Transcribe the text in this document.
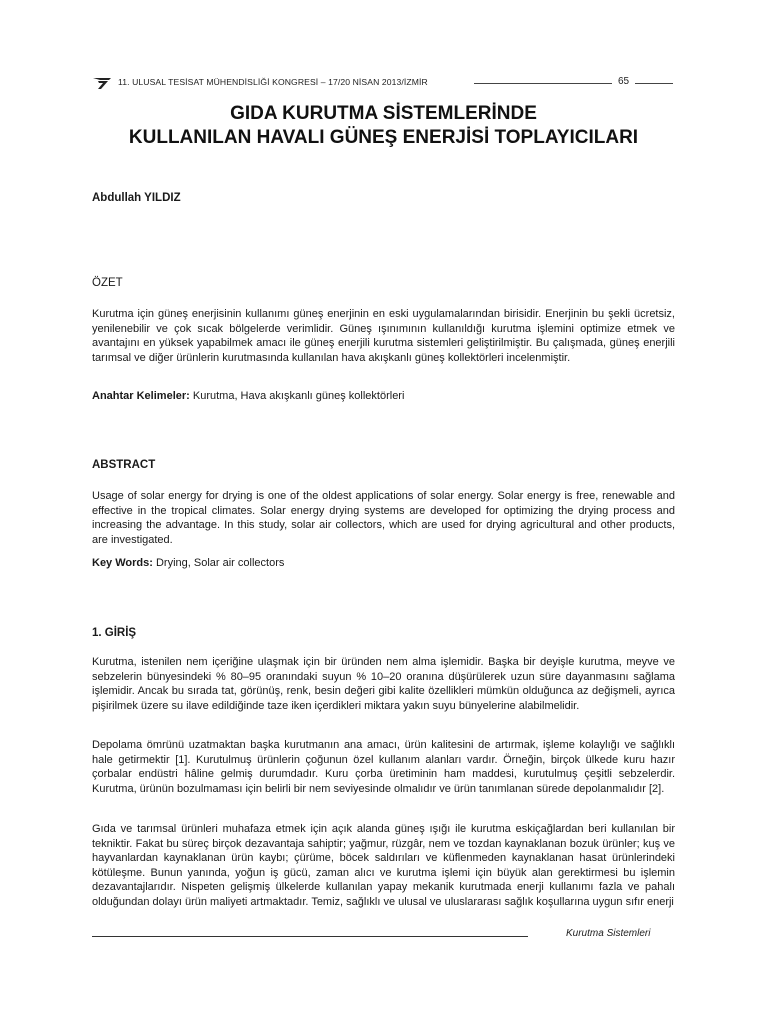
11. ULUSAL TESİSAT MÜHENDİSLİĞİ KONGRESİ – 17/20 NİSAN 2013/İZMİR	65
GIDA KURUTMA SİSTEMLERİNDE
KULLANILAN HAVALI GÜNEŞ ENERJİSİ TOPLAYICILARI
Abdullah YILDIZ
ÖZET
Kurutma için güneş enerjisinin kullanımı güneş enerjinin en eski uygulamalarından birisidir. Enerjinin bu şekli ücretsiz, yenilenebilir ve çok sıcak bölgelerde verimlidir. Güneş ışınımının kullanıldığı kurutma işlemini optimize etmek ve avantajını en yüksek yapabilmek amacı ile güneş enerjili kurutma sistemleri geliştirilmiştir. Bu çalışmada, güneş enerjili tarımsal ve diğer ürünlerin kurutmasında kullanılan hava akışkanlı güneş kollektörleri incelenmiştir.
Anahtar Kelimeler: Kurutma, Hava akışkanlı güneş kollektörleri
ABSTRACT
Usage of solar energy for drying is one of the oldest applications of solar energy. Solar energy is free, renewable and effective in the tropical climates. Solar energy drying systems are developed for optimizing the drying process and increasing the advantage. In this study, solar air collectors, which are used for drying agricultural and other products, are investigated.
Key Words: Drying, Solar air collectors
1. GİRİŞ
Kurutma, istenilen nem içeriğine ulaşmak için bir üründen nem alma işlemidir. Başka bir deyişle kurutma, meyve ve sebzelerin bünyesindeki % 80–95 oranındaki suyun % 10–20 oranına düşürülerek uzun süre dayanmasını sağlama işlemidir. Ancak bu sırada tat, görünüş, renk, besin değeri gibi kalite özellikleri mümkün olduğunca az değişmeli, ayrıca pişirilmek üzere su ilave edildiğinde taze iken içerdikleri miktara yakın suyu bünyelerine alabilmelidir.
Depolama ömrünü uzatmaktan başka kurutmanın ana amacı, ürün kalitesini de artırmak, işleme kolaylığı ve sağlıklı hale getirmektir [1]. Kurutulmuş ürünlerin çoğunun özel kullanım alanları vardır. Örneğin, birçok ülkede kuru hazır çorbalar endüstri hâline gelmiş durumdadır. Kuru çorba üretiminin ham maddesi, kurutulmuş çeşitli sebzelerdir. Kurutma, ürünün bozulmaması için belirli bir nem seviyesinde olmalıdır ve ürün tanımlanan sürede depolanmalıdır [2].
Gıda ve tarımsal ürünleri muhafaza etmek için açık alanda güneş ışığı ile kurutma eskiçağlardan beri kullanılan bir tekniktir. Fakat bu süreç birçok dezavantaja sahiptir; yağmur, rüzgâr, nem ve tozdan kaynaklanan bozuk ürünler; kuş ve hayvanlardan kaynaklanan ürün kaybı; çürüme, böcek saldırıları ve küflenmeden kaynaklanan hasat ürünlerindeki kötüleşme. Bunun yanında, yoğun iş gücü, zaman alıcı ve kurutma işlemi için büyük alan gerektirmesi bu işlemin dezavantajlarıdır. Nispeten gelişmiş ülkelerde kullanılan yapay mekanik kurutmada enerji kullanımı fazla ve pahalı olduğundan dolayı ürün maliyeti artmaktadır. Temiz, sağlıklı ve ulusal ve uluslararası sağlık koşullarına uygun sıfır enerji
Kurutma Sistemleri
